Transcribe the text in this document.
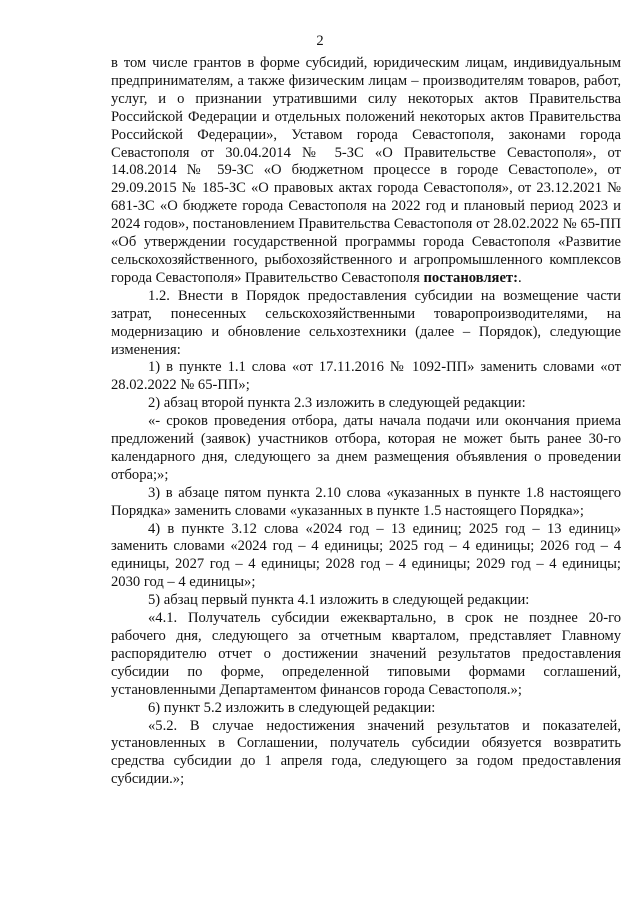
2

в том числе грантов в форме субсидий, юридическим лицам, индивидуальным предпринимателям, а также физическим лицам – производителям товаров, работ, услуг, и о признании утратившими силу некоторых актов Правительства Российской Федерации и отдельных положений некоторых актов Правительства Российской Федерации», Уставом города Севастополя, законами города Севастополя от 30.04.2014 № 5-ЗС «О Правительстве Севастополя», от 14.08.2014 № 59-ЗС «О бюджетном процессе в городе Севастополе», от 29.09.2015 № 185-ЗС «О правовых актах города Севастополя», от 23.12.2021 № 681-ЗС «О бюджете города Севастополя на 2022 год и плановый период 2023 и 2024 годов», постановлением Правительства Севастополя от 28.02.2022 № 65-ПП «Об утверждении государственной программы города Севастополя «Развитие сельскохозяйственного, рыбохозяйственного и агропромышленного комплексов города Севастополя» Правительство Севастополя постановляет:.

1.2. Внести в Порядок предоставления субсидии на возмещение части затрат, понесенных сельскохозяйственными товаропроизводителями, на модернизацию и обновление сельхозтехники (далее – Порядок), следующие изменения:

1) в пункте 1.1 слова «от 17.11.2016 № 1092-ПП» заменить словами «от 28.02.2022 № 65-ПП»;

2) абзац второй пункта 2.3 изложить в следующей редакции:

«- сроков проведения отбора, даты начала подачи или окончания приема предложений (заявок) участников отбора, которая не может быть ранее 30-го календарного дня, следующего за днем размещения объявления о проведении отбора;»;

3) в абзаце пятом пункта 2.10 слова «указанных в пункте 1.8 настоящего Порядка» заменить словами «указанных в пункте 1.5 настоящего Порядка»;

4) в пункте 3.12 слова «2024 год – 13 единиц; 2025 год – 13 единиц» заменить словами «2024 год – 4 единицы; 2025 год – 4 единицы; 2026 год – 4 единицы, 2027 год – 4 единицы; 2028 год – 4 единицы; 2029 год – 4 единицы; 2030 год – 4 единицы»;

5) абзац первый пункта 4.1 изложить в следующей редакции:

«4.1. Получатель субсидии ежеквартально, в срок не позднее 20-го рабочего дня, следующего за отчетным кварталом, представляет Главному распорядителю отчет о достижении значений результатов предоставления субсидии по форме, определенной типовыми формами соглашений, установленными Департаментом финансов города Севастополя.»;

6) пункт 5.2 изложить в следующей редакции:

«5.2. В случае недостижения значений результатов и показателей, установленных в Соглашении, получатель субсидии обязуется возвратить средства субсидии до 1 апреля года, следующего за годом предоставления субсидии.»;
